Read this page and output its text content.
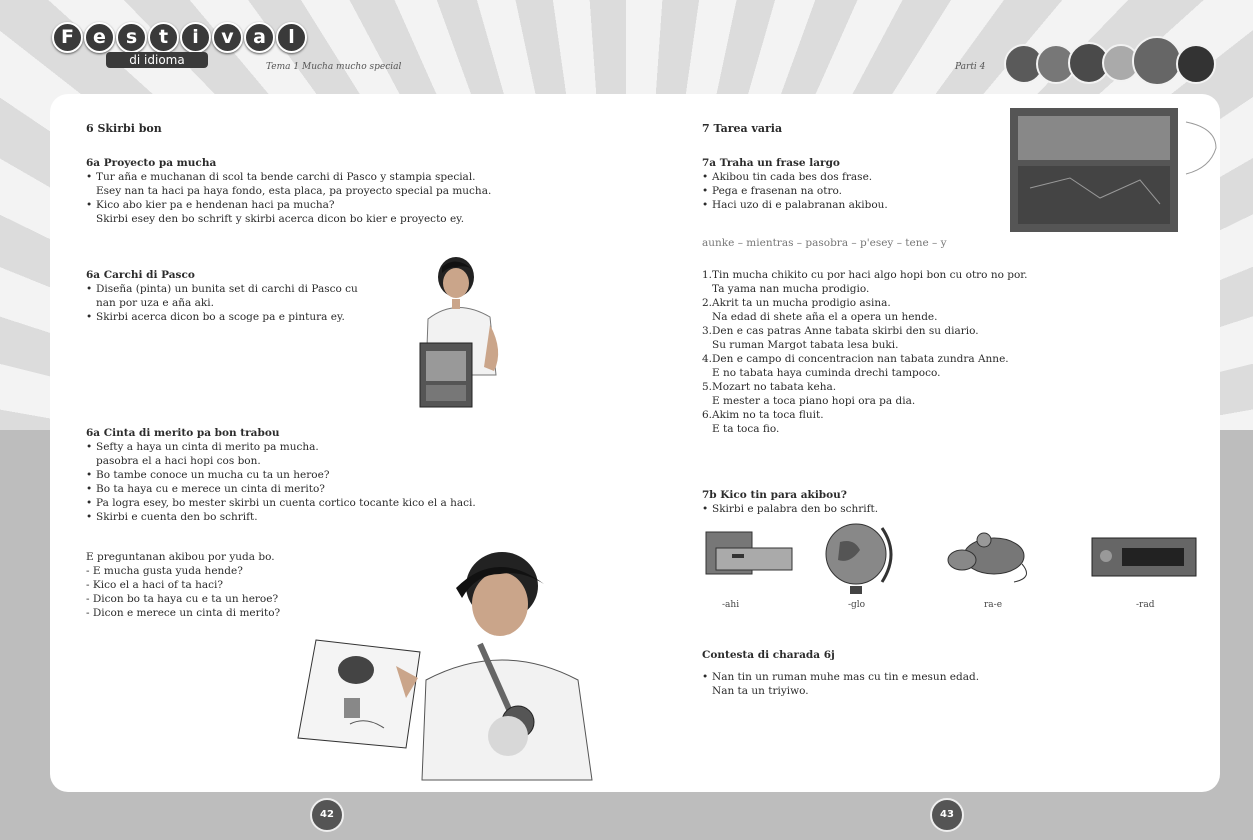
F	e	s	t	i	v	a	l
di idioma	Tema 1 Mucha mucho special	Parti 4
6 Skirbi bon
6a Proyecto pa mucha
• Tur aña e muchanan di scol ta bende carchi di Pasco y stampia special.
Esey nan ta haci pa haya fondo, esta placa, pa proyecto special pa mucha.
• Kico abo kier pa e hendenan haci pa mucha?
Skirbi esey den bo schrift y skirbi acerca dicon bo kier e proyecto ey.
6a Carchi di Pasco
• Diseña (pinta) un bunita set di carchi di Pasco cu
nan por uza e aña aki.
• Skirbi acerca dicon bo a scoge pa e pintura ey.
6a Cinta di merito pa bon trabou
• Sefty a haya un cinta di merito pa mucha.
pasobra el a haci hopi cos bon.
• Bo tambe conoce un mucha cu ta un heroe?
• Bo ta haya cu e merece un cinta di merito?
• Pa logra esey, bo mester skirbi un cuenta cortico tocante kico el a haci.
• Skirbi e cuenta den bo schrift.

E preguntanan akibou por yuda bo.

- E mucha gusta yuda hende?

- Kico el a haci of ta haci?

- Dicon bo ta haya cu e ta un heroe?

- Dicon e merece un cinta di merito?

7 Tarea varia
7a Traha un frase largo
• Akibou tin cada bes dos frase.
• Pega e frasenan na otro.
• Haci uzo di e palabranan akibou.

aunke – mientras – pasobra – p'esey – tene – y

1.Tin mucha chikito cu por haci algo hopi bon cu otro no por.
Ta yama nan mucha prodigio.
2.Akrit ta un mucha prodigio asina.
Na edad di shete aña el a opera un hende.
3.Den e cas patras Anne tabata skirbi den su diario.
Su ruman Margot tabata lesa buki.
4.Den e campo di concentracion nan tabata zundra Anne.
E no tabata haya cuminda drechi tampoco.
5.Mozart no tabata keha.
E mester a toca piano hopi ora pa dia.
6.Akim no ta toca fluit.
E ta toca fio.
7b Kico tin para akibou?
• Skirbi e palabra den bo schrift.
Contesta di charada 6j
• Nan tin un ruman muhe mas cu tin e mesun edad.
Nan ta un triyiwo.
-ahi	-glo	ra-e	-rad
42	43
